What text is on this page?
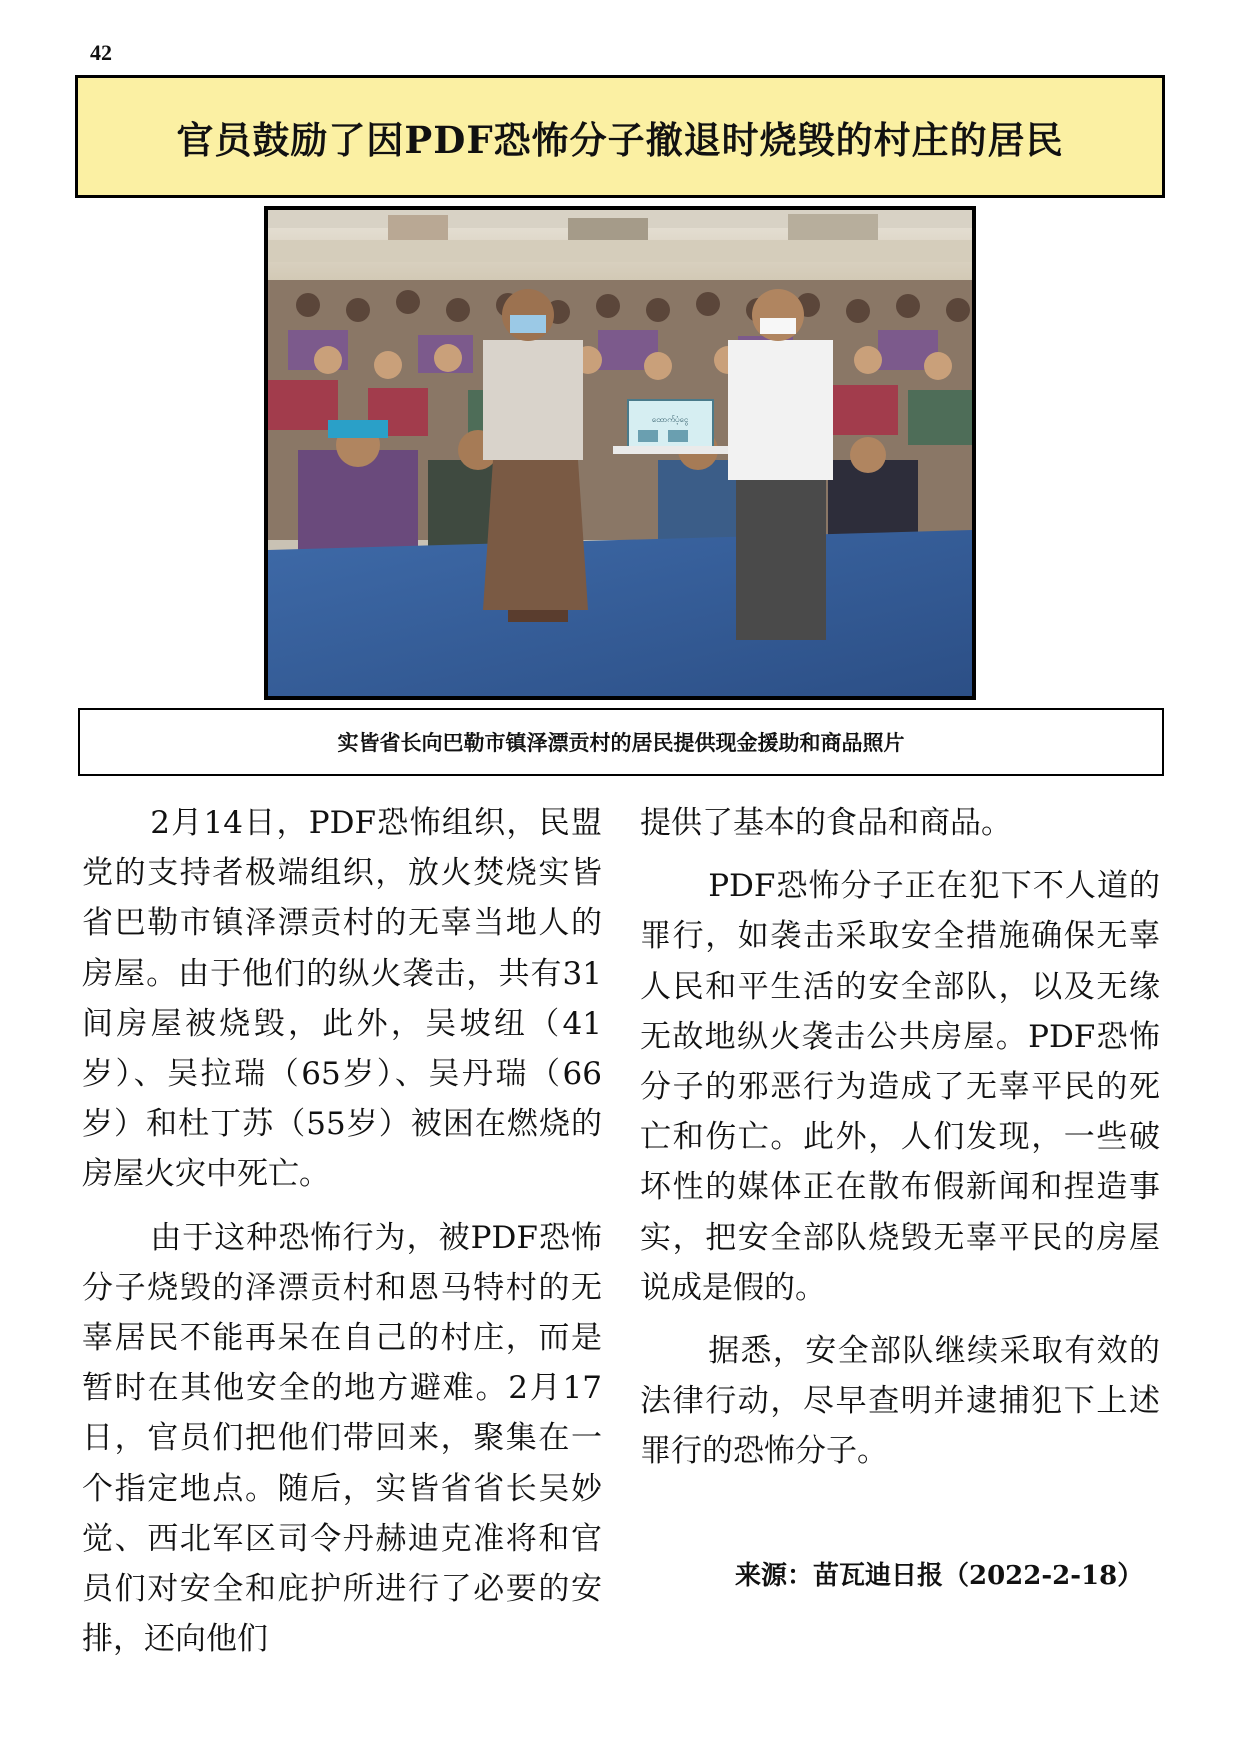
42
官员鼓励了因PDF恐怖分子撤退时烧毁的村庄的居民
ထောက်ပံ့ငွေ
实皆省长向巴勒市镇泽漂贡村的居民提供现金援助和商品照片

2月14日，PDF恐怖组织，民盟党的支持者极端组织，放火焚烧实皆省巴勒市镇泽漂贡村的无辜当地人的房屋。由于他们的纵火袭击，共有31间房屋被烧毁，此外，吴坡纽（41岁）、吴拉瑞（65岁）、吴丹瑞（66岁）和杜丁苏（55岁）被困在燃烧的房屋火灾中死亡。

由于这种恐怖行为，被PDF恐怖分子烧毁的泽漂贡村和恩马特村的无辜居民不能再呆在自己的村庄，而是暂时在其他安全的地方避难。2月17日，官员们把他们带回来，聚集在一个指定地点。随后，实皆省省长吴妙觉、西北军区司令丹赫迪克准将和官员们对安全和庇护所进行了必要的安排，还向他们

提供了基本的食品和商品。

PDF恐怖分子正在犯下不人道的罪行，如袭击采取安全措施确保无辜人民和平生活的安全部队，以及无缘无故地纵火袭击公共房屋。PDF恐怖分子的邪恶行为造成了无辜平民的死亡和伤亡。此外，人们发现，一些破坏性的媒体正在散布假新闻和捏造事实，把安全部队烧毁无辜平民的房屋说成是假的。

据悉，安全部队继续采取有效的法律行动，尽早查明并逮捕犯下上述罪行的恐怖分子。

来源：苗瓦迪日报（2022-2-18）
